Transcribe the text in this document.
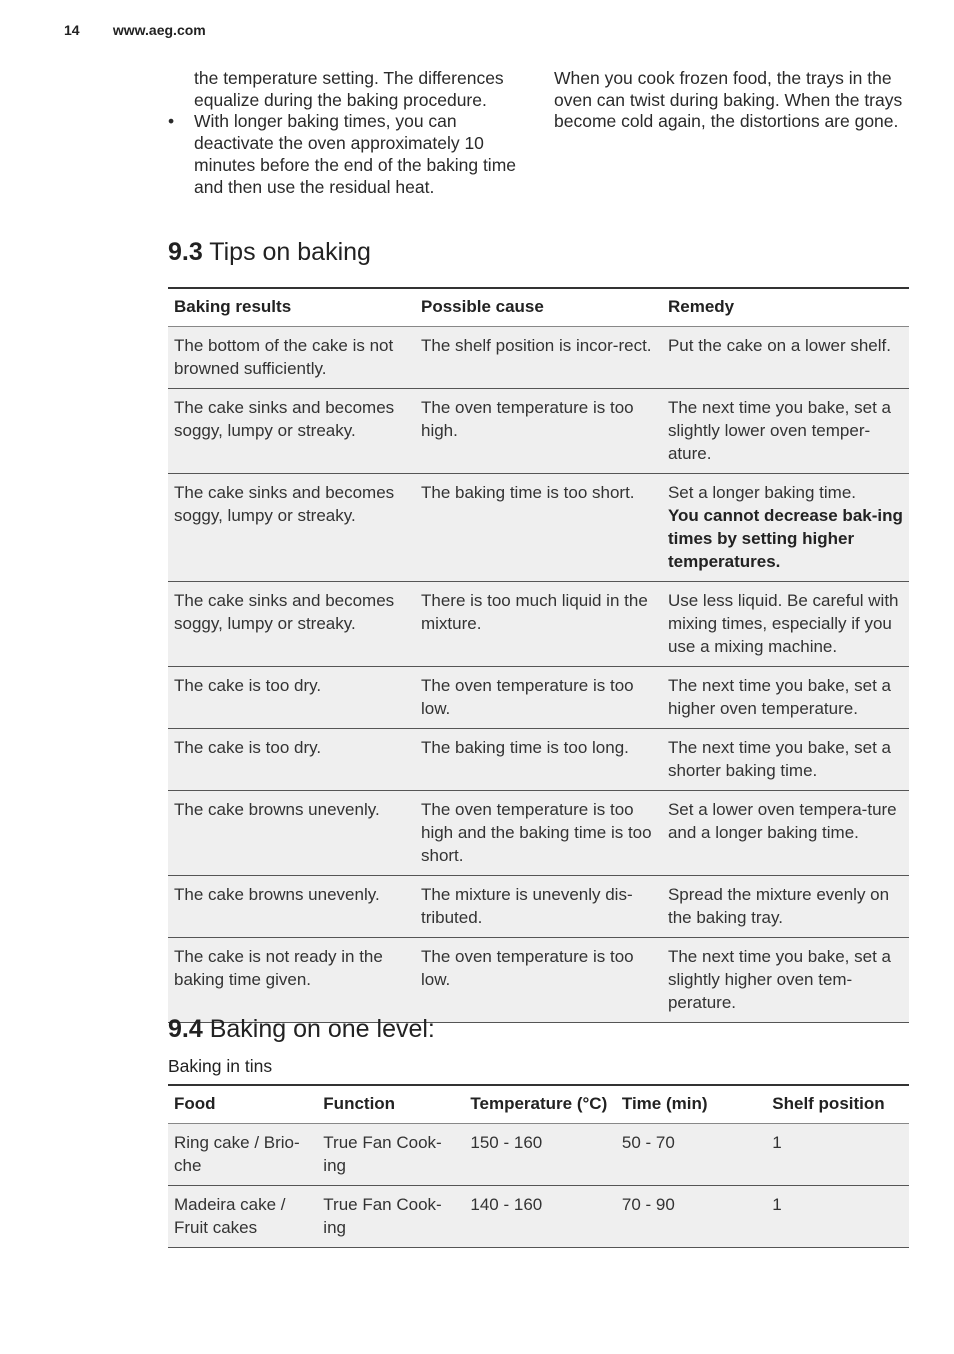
14 www.aeg.com

the temperature setting. The differences equalize during the baking procedure.

• With longer baking times, you can deactivate the oven approximately 10 minutes before the end of the baking time and then use the residual heat.

When you cook frozen food, the trays in the oven can twist during baking. When the trays become cold again, the distortions are gone.

9.3 Tips on baking
Baking results	Possible cause	Remedy
The bottom of the cake is not browned sufficiently.	The shelf position is incor-rect.	Put the cake on a lower shelf.
The cake sinks and becomes soggy, lumpy or streaky.	The oven temperature is too high.	The next time you bake, set a slightly lower oven temper-ature.
The cake sinks and becomes soggy, lumpy or streaky.	The baking time is too short.	Set a longer baking time.
You cannot decrease bak-ing times by setting higher temperatures.
The cake sinks and becomes soggy, lumpy or streaky.	There is too much liquid in the mixture.	Use less liquid. Be careful with mixing times, especially if you use a mixing machine.
The cake is too dry.	The oven temperature is too low.	The next time you bake, set a higher oven temperature.
The cake is too dry.	The baking time is too long.	The next time you bake, set a shorter baking time.
The cake browns unevenly.	The oven temperature is too high and the baking time is too short.	Set a lower oven tempera-ture and a longer baking time.
The cake browns unevenly.	The mixture is unevenly dis-tributed.	Spread the mixture evenly on the baking tray.
The cake is not ready in the baking time given.	The oven temperature is too low.	The next time you bake, set a slightly higher oven tem-perature.
9.4 Baking on one level:
Baking in tins
Food	Function	Temperature (°C)	Time (min)	Shelf position
Ring cake / Brio-che	True Fan Cook-ing	150 - 160	50 - 70	1
Madeira cake / Fruit cakes	True Fan Cook-ing	140 - 160	70 - 90	1
